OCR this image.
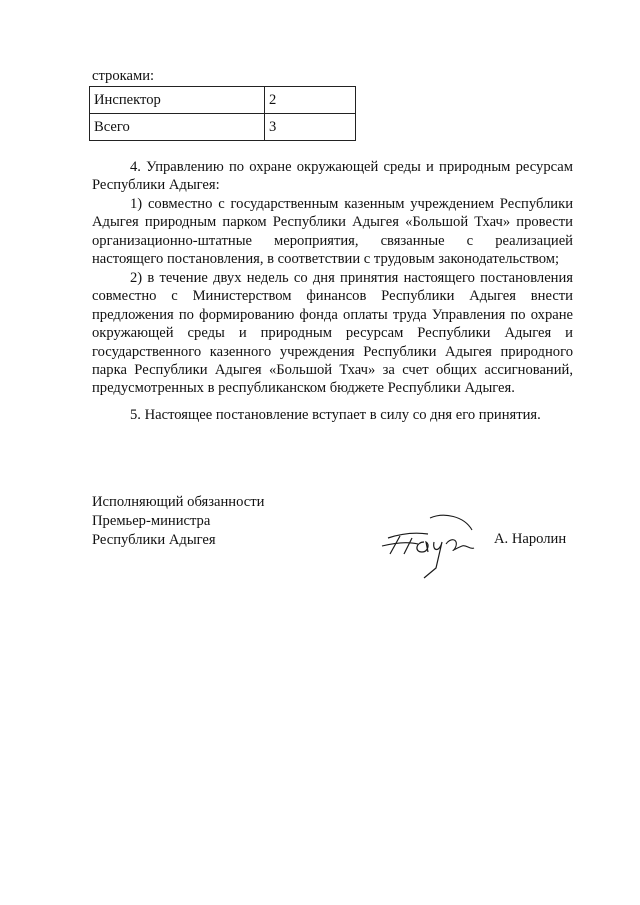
строками:
Инспектор	2
Всего	3

4. Управлению по охране окружающей среды и природным ресурсам Республики Адыгея:

1) совместно с государственным казенным учреждением Республики Адыгея природным парком Республики Адыгея «Большой Тхач» провести организационно-штатные мероприятия, связанные с реализацией настоящего постановления, в соответствии с трудовым законодательством;

2) в течение двух недель со дня принятия настоящего постановления совместно с Министерством финансов Республики Адыгея внести предложения по формированию фонда оплаты труда Управления по охране окружающей среды и природным ресурсам Республики Адыгея и государственного казенного учреждения Республики Адыгея природного парка Республики Адыгея «Большой Тхач» за счет общих ассигнований, предусмотренных в республиканском бюджете Республики Адыгея.

5. Настоящее постановление вступает в силу со дня его принятия.

Исполняющий обязанности
Премьер-министра
Республики Адыгея	А. Наролин
